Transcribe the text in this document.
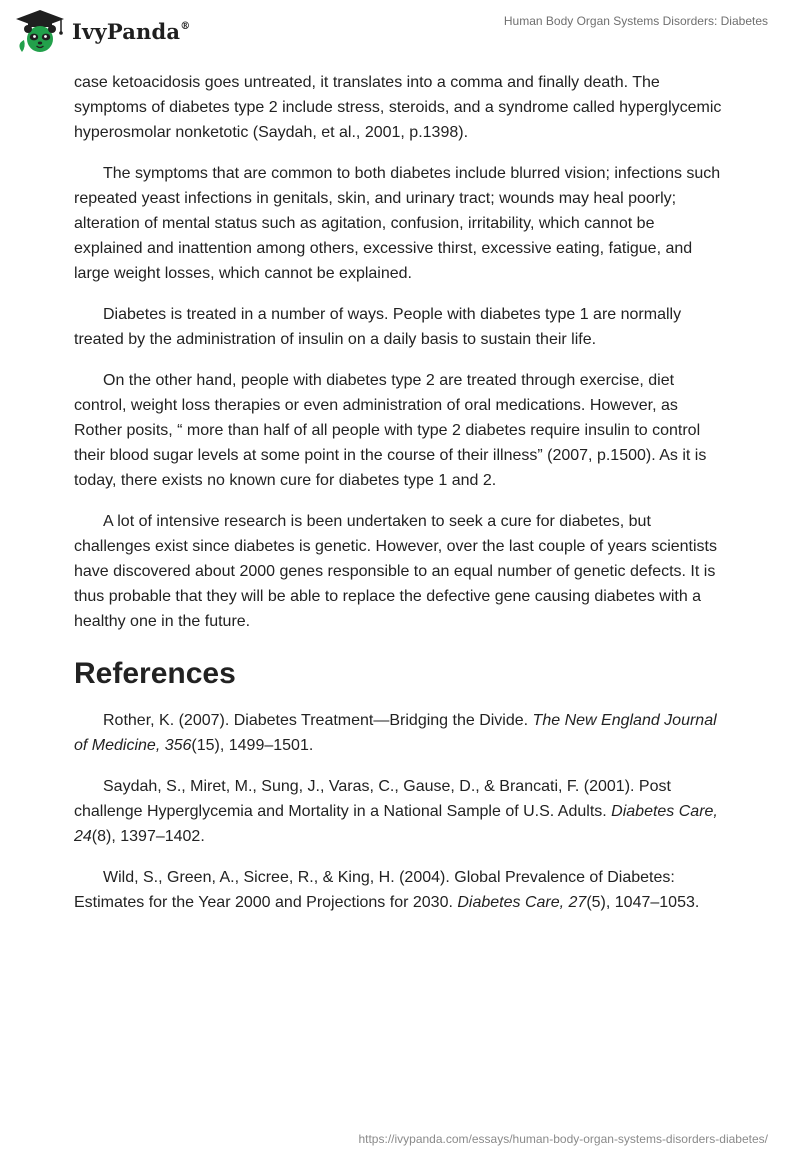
IvyPanda®	Human Body Organ Systems Disorders: Diabetes

case ketoacidosis goes untreated, it translates into a comma and finally death. The symptoms of diabetes type 2 include stress, steroids, and a syndrome called hyperglycemic hyperosmolar nonketotic (Saydah, et al., 2001, p.1398).

The symptoms that are common to both diabetes include blurred vision; infections such repeated yeast infections in genitals, skin, and urinary tract; wounds may heal poorly; alteration of mental status such as agitation, confusion, irritability, which cannot be explained and inattention among others, excessive thirst, excessive eating, fatigue, and large weight losses, which cannot be explained.

Diabetes is treated in a number of ways. People with diabetes type 1 are normally treated by the administration of insulin on a daily basis to sustain their life.

On the other hand, people with diabetes type 2 are treated through exercise, diet control, weight loss therapies or even administration of oral medications. However, as Rother posits, “ more than half of all people with type 2 diabetes require insulin to control their blood sugar levels at some point in the course of their illness” (2007, p.1500). As it is today, there exists no known cure for diabetes type 1 and 2.

A lot of intensive research is been undertaken to seek a cure for diabetes, but challenges exist since diabetes is genetic. However, over the last couple of years scientists have discovered about 2000 genes responsible to an equal number of genetic defects. It is thus probable that they will be able to replace the defective gene causing diabetes with a healthy one in the future.

References

Rother, K. (2007). Diabetes Treatment—Bridging the Divide. The New England Journal of Medicine, 356(15), 1499–1501.

Saydah, S., Miret, M., Sung, J., Varas, C., Gause, D., & Brancati, F. (2001). Post challenge Hyperglycemia and Mortality in a National Sample of U.S. Adults. Diabetes Care, 24(8), 1397–1402.

Wild, S., Green, A., Sicree, R., & King, H. (2004). Global Prevalence of Diabetes: Estimates for the Year 2000 and Projections for 2030. Diabetes Care, 27(5), 1047–1053.

https://ivypanda.com/essays/human-body-organ-systems-disorders-diabetes/
